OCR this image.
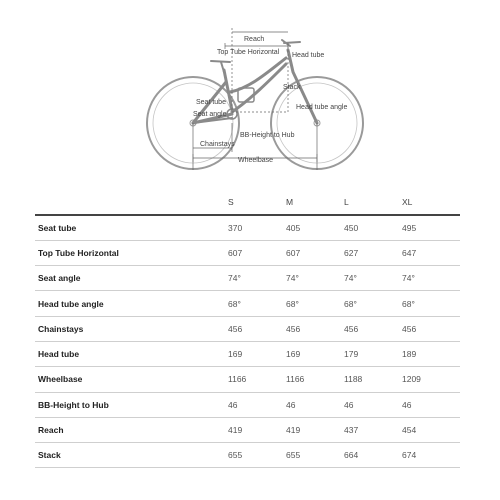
Reach
Top Tube Horizontal Head tube
Stack
Seat tube
Seat angle
Head tube angle
BB-Height to Hub
Chainstays
Wheelbase
	S	M	L	XL
Seat tube	370	405	450	495
Top Tube Horizontal	607	607	627	647
Seat angle	74°	74°	74°	74°
Head tube angle	68°	68°	68°	68°
Chainstays	456	456	456	456
Head tube	169	169	179	189
Wheelbase	1166	1166	1188	1209
BB-Height to Hub	46	46	46	46
Reach	419	419	437	454
Stack	655	655	664	674
